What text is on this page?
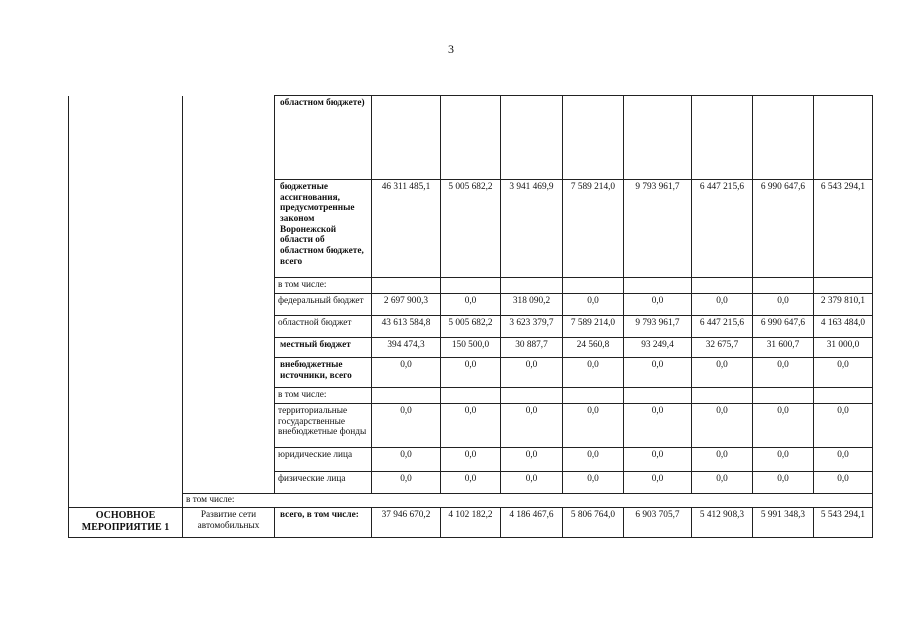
3
		областном бюджете)								
		бюджетные ассигнования, предусмотренные законом Воронежской области об областном бюджете, всего	46 311 485,1	5 005 682,2	3 941 469,9	7 589 214,0	9 793 961,7	6 447 215,6	6 990 647,6	6 543 294,1
		в том числе:								
		федеральный бюджет	2 697 900,3	0,0	318 090,2	0,0	0,0	0,0	0,0	2 379 810,1
		областной бюджет	43 613 584,8	5 005 682,2	3 623 379,7	7 589 214,0	9 793 961,7	6 447 215,6	6 990 647,6	4 163 484,0
		местный бюджет	394 474,3	150 500,0	30 887,7	24 560,8	93 249,4	32 675,7	31 600,7	31 000,0
		внебюджетные источники, всего	0,0	0,0	0,0	0,0	0,0	0,0	0,0	0,0
		в том числе:								
		территориальные государственные внебюджетные фонды	0,0	0,0	0,0	0,0	0,0	0,0	0,0	0,0
		юридические лица	0,0	0,0	0,0	0,0	0,0	0,0	0,0	0,0
		физические лица	0,0	0,0	0,0	0,0	0,0	0,0	0,0	0,0
	в том числе:									
ОСНОВНОЕ МЕРОПРИЯТИЕ 1	Развитие сети автомобильных	всего, в том числе:	37 946 670,2	4 102 182,2	4 186 467,6	5 806 764,0	6 903 705,7	5 412 908,3	5 991 348,3	5 543 294,1
